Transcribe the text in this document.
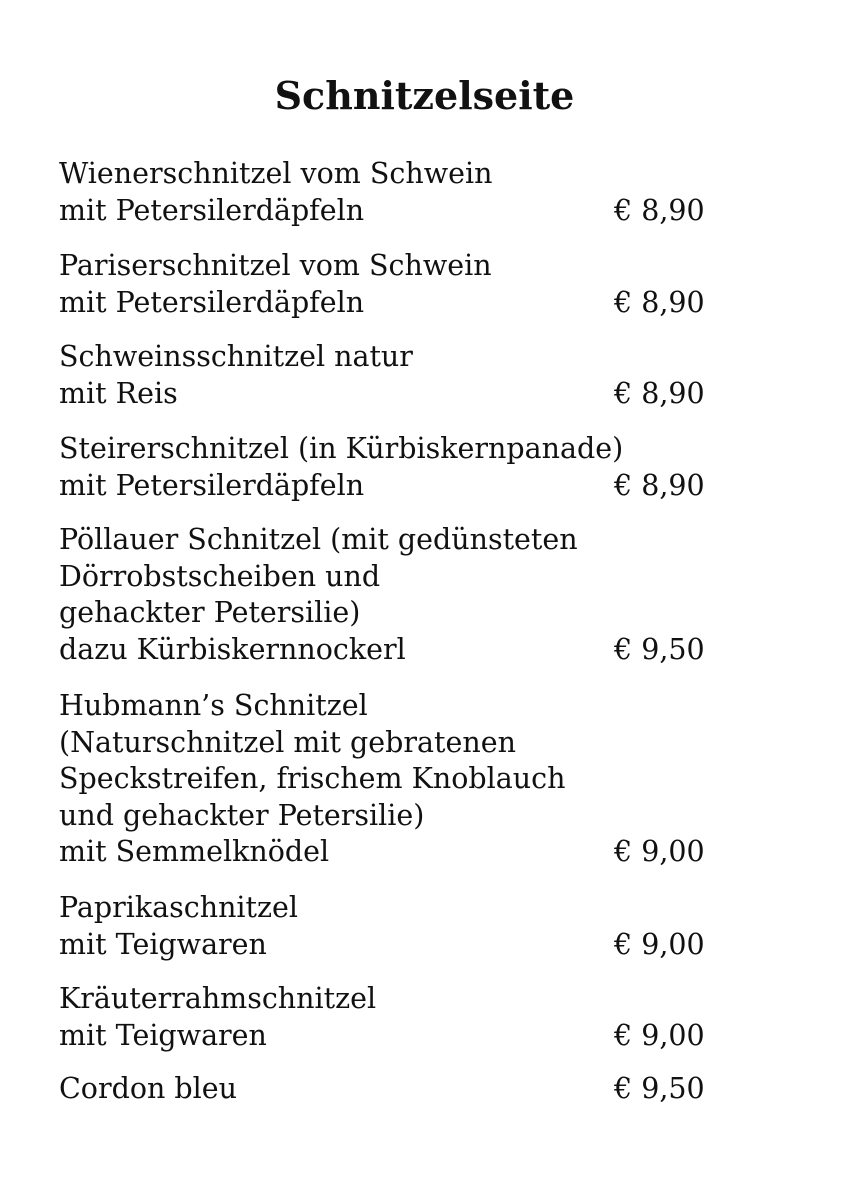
Schnitzelseite
Wienerschnitzel vom Schwein
mit Petersilerdäpfeln	€ 8,90
Pariserschnitzel vom Schwein
mit Petersilerdäpfeln	€ 8,90
Schweinsschnitzel natur
mit Reis	€ 8,90
Steirerschnitzel (in Kürbiskernpanade)
mit Petersilerdäpfeln	€ 8,90
Pöllauer Schnitzel (mit gedünsteten
Dörrobstscheiben und
gehackter Petersilie)
dazu Kürbiskernnockerl	€ 9,50
Hubmann’s Schnitzel
(Naturschnitzel mit gebratenen
Speckstreifen, frischem Knoblauch
und gehackter Petersilie)
mit Semmelknödel	€ 9,00
Paprikaschnitzel
mit Teigwaren	€ 9,00
Kräuterrahmschnitzel
mit Teigwaren	€ 9,00
Cordon bleu	€ 9,50
